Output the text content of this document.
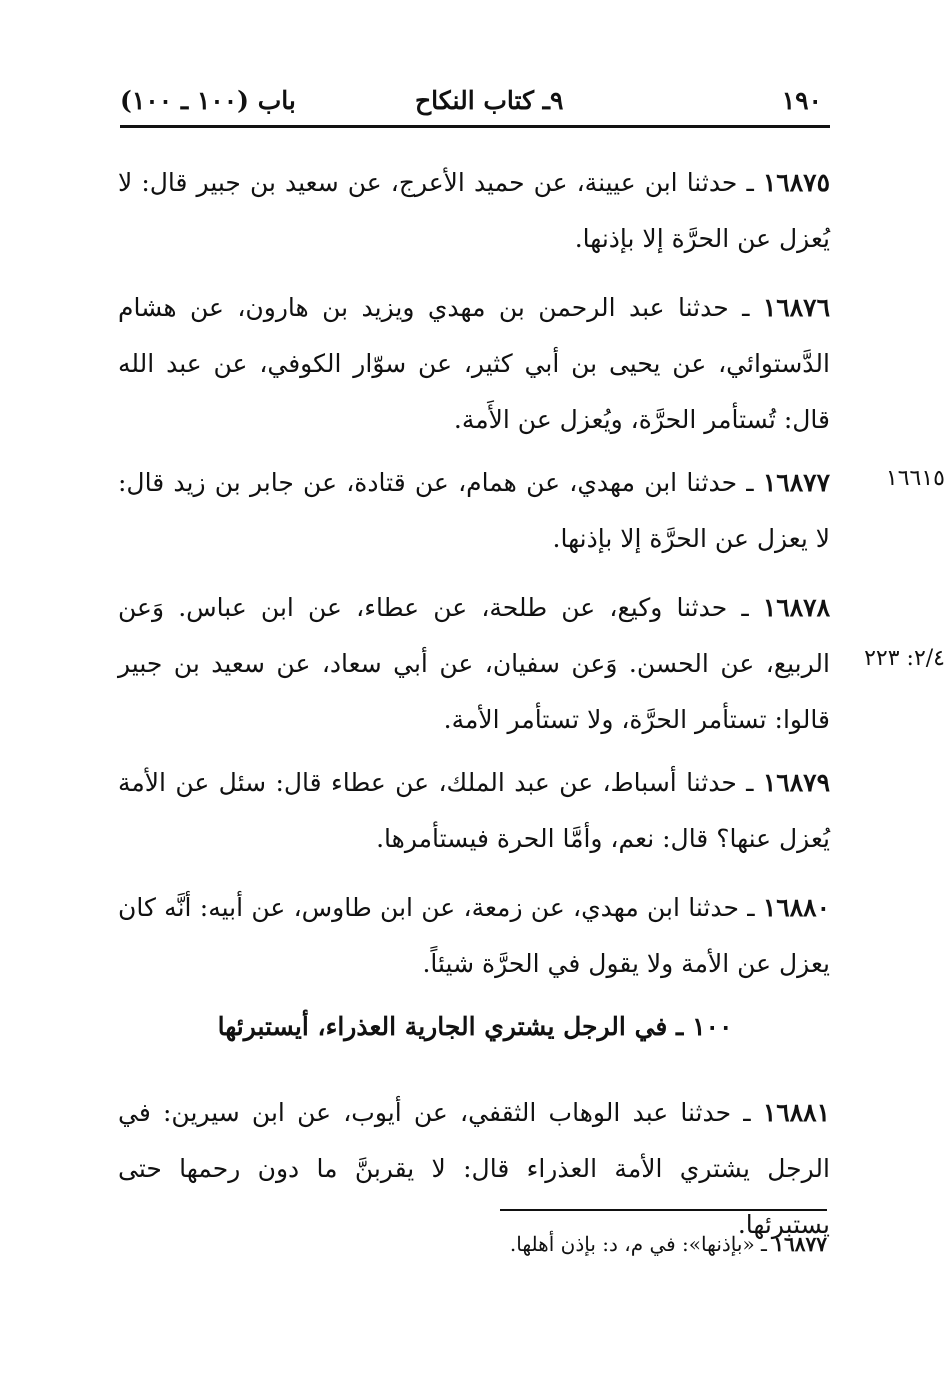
١٩٠
٩ـ كتاب النكاح
باب (١٠٠ ـ ١٠٠)
١٦٨٧٥ ـ حدثنا ابن عيينة، عن حميد الأعرج، عن سعيد بن جبير قال: لا يُعزل عن الحرَّة إلا بإذنها.
١٦٨٧٦ ـ حدثنا عبد الرحمن بن مهدي ويزيد بن هارون، عن هشام الدَّستوائي، عن يحيى بن أبي كثير، عن سوّار الكوفي، عن عبد الله قال: تُستأمر الحرَّة، ويُعزل عن الأَمة.
١٦٦١٥
١٦٨٧٧ ـ حدثنا ابن مهدي، عن همام، عن قتادة، عن جابر بن زيد قال: لا يعزل عن الحرَّة إلا بإذنها.
٢/٤: ٢٢٣
١٦٨٧٨ ـ حدثنا وكيع، عن طلحة، عن عطاء، عن ابن عباس. وَعن الربيع، عن الحسن. وَعن سفيان، عن أبي سعاد، عن سعيد بن جبير قالوا: تستأمر الحرَّة، ولا تستأمر الأمة.
١٦٨٧٩ ـ حدثنا أسباط، عن عبد الملك، عن عطاء قال: سئل عن الأمة يُعزل عنها؟ قال: نعم، وأمَّا الحرة فيستأمرها.
١٦٨٨٠ ـ حدثنا ابن مهدي، عن زمعة، عن ابن طاوس، عن أبيه: أنَّه كان يعزل عن الأمة ولا يقول في الحرَّة شيئاً.
١٠٠ ـ في الرجل يشتري الجارية العذراء، أيستبرئها
١٦٨٨١ ـ حدثنا عبد الوهاب الثقفي، عن أيوب، عن ابن سيرين: في الرجل يشتري الأمة العذراء قال: لا يقربنَّ ما دون رحمها حتى يستبرئها.
١٦٨٧٧ ـ «بإذنها»: في م، د: بإذن أهلها.
